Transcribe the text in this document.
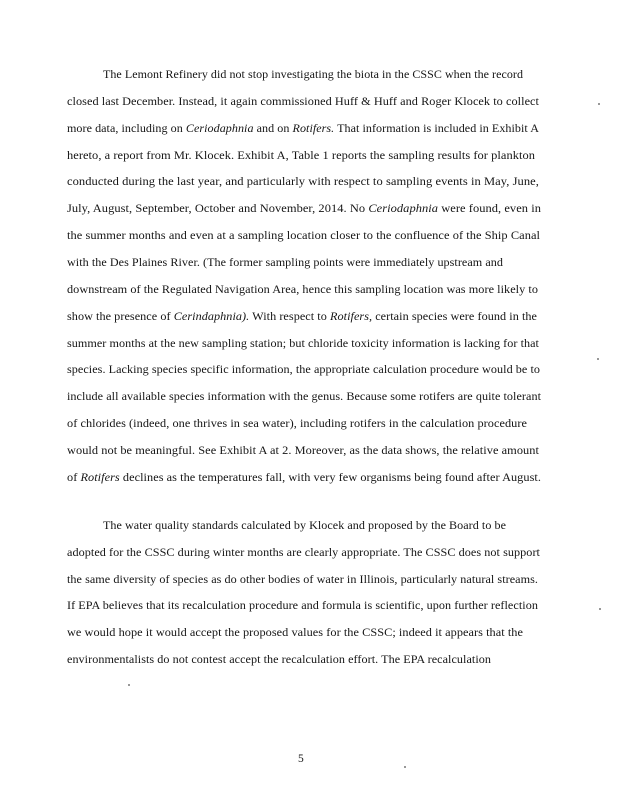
The Lemont Refinery did not stop investigating the biota in the CSSC when the record
closed last December. Instead, it again commissioned Huff & Huff and Roger Klocek to collect
more data, including on Ceriodaphnia and on Rotifers. That information is included in Exhibit A
hereto, a report from Mr. Klocek. Exhibit A, Table 1 reports the sampling results for plankton
conducted during the last year, and particularly with respect to sampling events in May, June,
July, August, September, October and November, 2014. No Ceriodaphnia were found, even in
the summer months and even at a sampling location closer to the confluence of the Ship Canal
with the Des Plaines River. (The former sampling points were immediately upstream and
downstream of the Regulated Navigation Area, hence this sampling location was more likely to
show the presence of Cerindaphnia). With respect to Rotifers, certain species were found in the
summer months at the new sampling station; but chloride toxicity information is lacking for that
species. Lacking species specific information, the appropriate calculation procedure would be to
include all available species information with the genus. Because some rotifers are quite tolerant
of chlorides (indeed, one thrives in sea water), including rotifers in the calculation procedure
would not be meaningful. See Exhibit A at 2. Moreover, as the data shows, the relative amount
of Rotifers declines as the temperatures fall, with very few organisms being found after August.
The water quality standards calculated by Klocek and proposed by the Board to be
adopted for the CSSC during winter months are clearly appropriate. The CSSC does not support
the same diversity of species as do other bodies of water in Illinois, particularly natural streams.
If EPA believes that its recalculation procedure and formula is scientific, upon further reflection
we would hope it would accept the proposed values for the CSSC; indeed it appears that the
environmentalists do not contest accept the recalculation effort. The EPA recalculation
5
